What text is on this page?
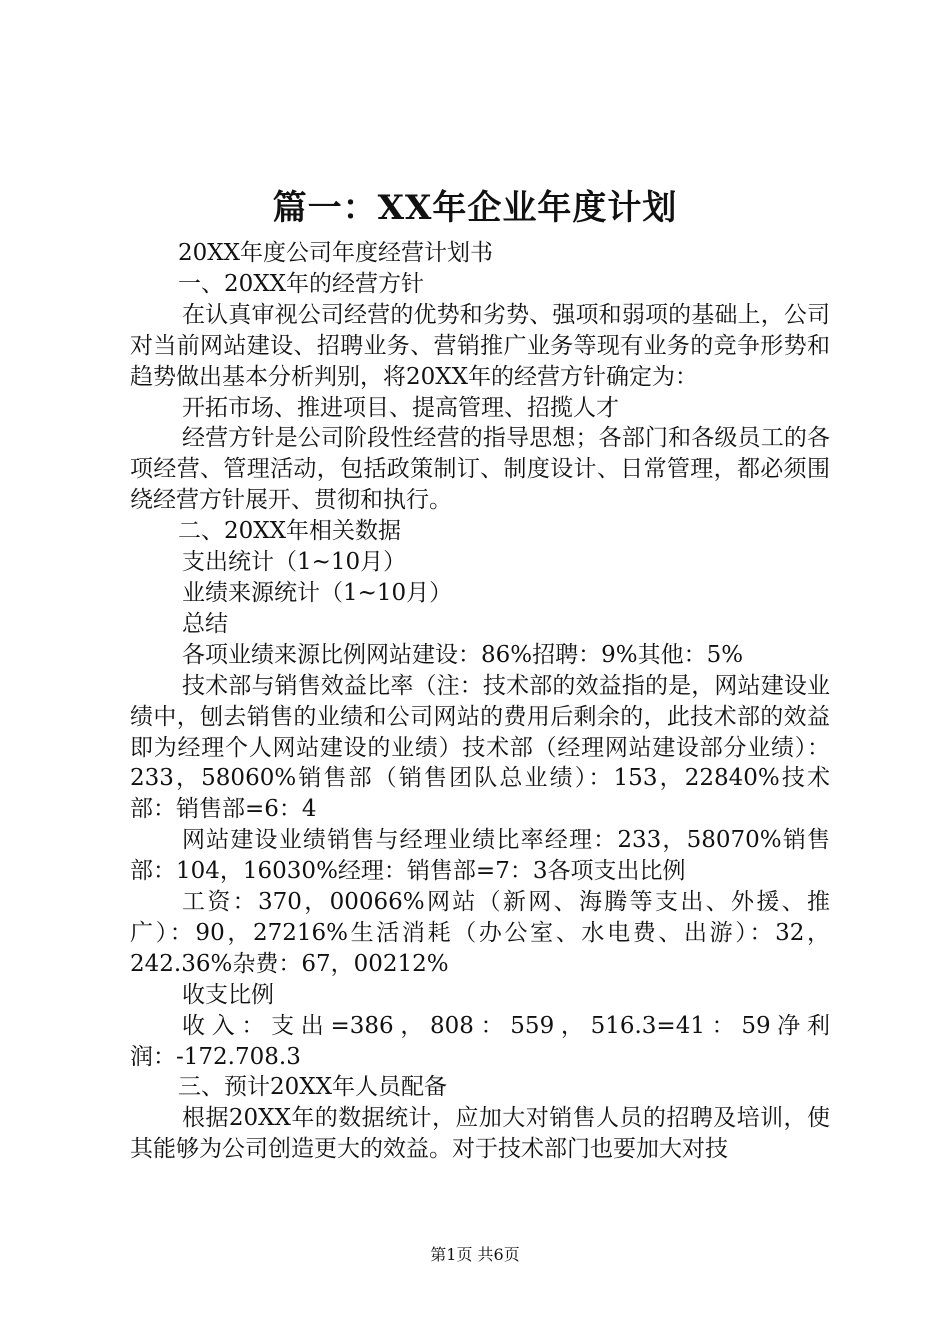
篇一：XX年企业年度计划

20XX年度公司年度经营计划书

一、20XX年的经营方针

在认真审视公司经营的优势和劣势、强项和弱项的基础上，公司对当前网站建设、招聘业务、营销推广业务等现有业务的竞争形势和趋势做出基本分析判别，将20XX年的经营方针确定为：

开拓市场、推进项目、提高管理、招揽人才

经营方针是公司阶段性经营的指导思想；各部门和各级员工的各项经营、管理活动，包括政策制订、制度设计、日常管理，都必须围绕经营方针展开、贯彻和执行。

二、20XX年相关数据

支出统计（1~10月）

业绩来源统计（1~10月）

总结

各项业绩来源比例网站建设：86%招聘：9%其他：5%

技术部与销售效益比率（注：技术部的效益指的是，网站建设业绩中，刨去销售的业绩和公司网站的费用后剩余的，此技术部的效益即为经理个人网站建设的业绩）技术部（经理网站建设部分业绩）：233，58060%销售部（销售团队总业绩）：153，22840%技术部：销售部=6：4

网站建设业绩销售与经理业绩比率经理：233，58070%销售部：104，16030%经理：销售部=7：3各项支出比例

工资：370，00066%网站（新网、海腾等支出、外援、推广）：90，27216%生活消耗（办公室、水电费、出游）：32，242.36%杂费：67，00212%

收支比例

收入：支出=386，808：559，516.3=41：59净利润：-172.708.3

三、预计20XX年人员配备

根据20XX年的数据统计，应加大对销售人员的招聘及培训，使其能够为公司创造更大的效益。对于技术部门也要加大对技

第1页 共6页
